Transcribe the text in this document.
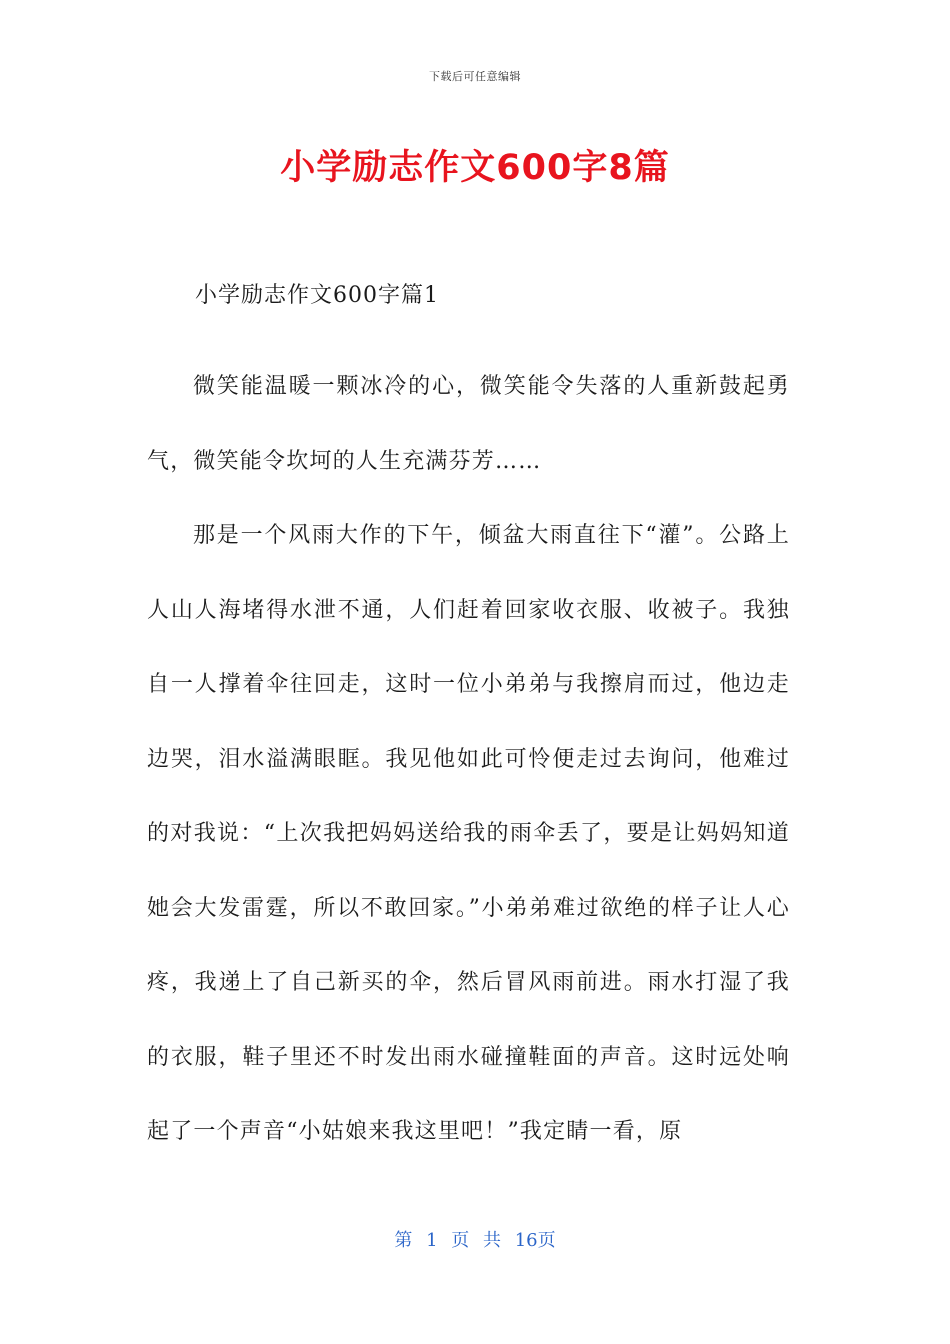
下载后可任意编辑
小学励志作文600字8篇

小学励志作文600字篇1

微笑能温暖一颗冰冷的心，微笑能令失落的人重新鼓起勇气，微笑能令坎坷的人生充满芬芳……

那是一个风雨大作的下午，倾盆大雨直往下“灌”。公路上人山人海堵得水泄不通，人们赶着回家收衣服、收被子。我独自一人撑着伞往回走，这时一位小弟弟与我擦肩而过，他边走边哭，泪水溢满眼眶。我见他如此可怜便走过去询问，他难过的对我说：“上次我把妈妈送给我的雨伞丢了，要是让妈妈知道她会大发雷霆，所以不敢回家。”小弟弟难过欲绝的样子让人心疼，我递上了自己新买的伞，然后冒风雨前进。雨水打湿了我的衣服，鞋子里还不时发出雨水碰撞鞋面的声音。这时远处响起了一个声音“小姑娘来我这里吧！”我定睛一看，原

第 1 页 共 16页
